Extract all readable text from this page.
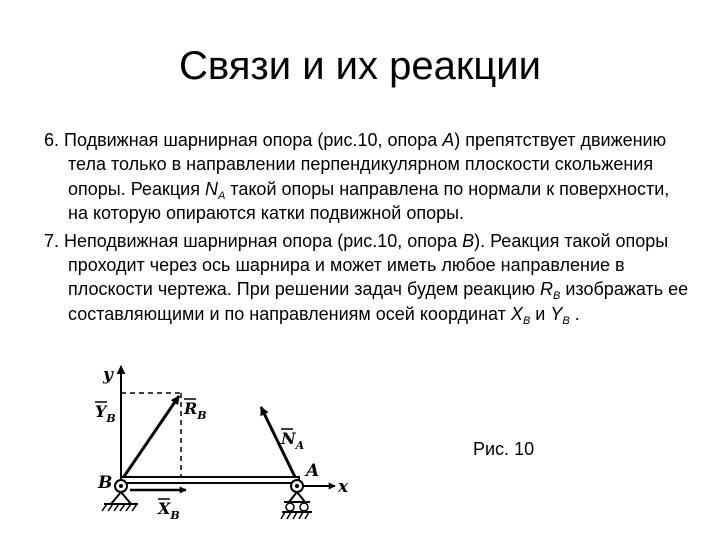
Связи и их реакции

6. Подвижная шарнирная опора (рис.10, опора А) препятствует движению тела только в направлении перпендикулярном плоскости скольжения опоры. Реакция $N_A$ такой опоры направлена по нормали к поверхности, на которую опираются катки подвижной опоры.

7. Неподвижная шарнирная опора (рис.10, опора В). Реакция такой опоры проходит через ось шарнира и может иметь любое направление в плоскости чертежа. При решении задач будем реакцию $R_B$ изображать ее составляющими и по направлениям осей координат $X_B$ и $Y_B$ .

Рис. 10
y
$R_B$
$Y_B$
$N_A$
B
$X_B$
x
A
